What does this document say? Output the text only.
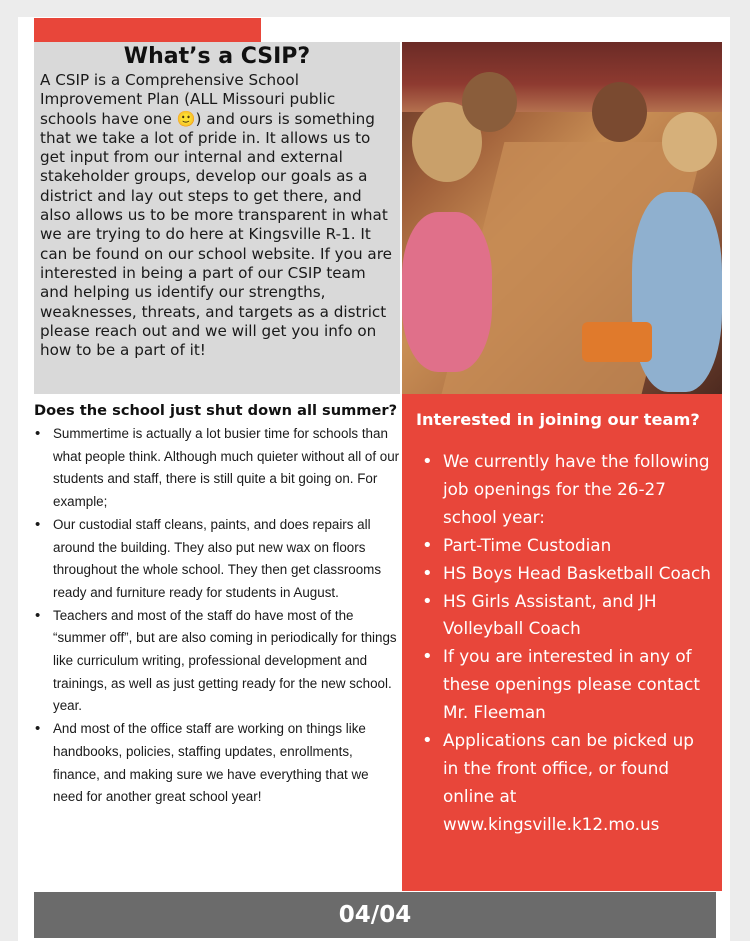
What’s a CSIP?

A CSIP is a Comprehensive School Improvement Plan (ALL Missouri public schools have one 🙂) and ours is something that we take a lot of pride in. It allows us to get input from our internal and external stakeholder groups, develop our goals as a district and lay out steps to get there, and also allows us to be more transparent in what we are trying to do here at Kingsville R-1. It can be found on our school website. If you are interested in being a part of our CSIP team and helping us identify our strengths, weaknesses, threats, and targets as a district please reach out and we will get you info on how to be a part of it!

Does the school just shut down all summer?
• Summertime is actually a lot busier time for schools than what people think. Although much quieter without all of our students and staff, there is still quite a bit going on. For example;
• Our custodial staff cleans, paints, and does repairs all around the building. They also put new wax on floors throughout the whole school. They then get classrooms ready and furniture ready for students in August.
• Teachers and most of the staff do have most of the “summer off”, but are also coming in periodically for things like curriculum writing, professional development and trainings, as well as just getting ready for the new school. year.
• And most of the office staff are working on things like handbooks, policies, staffing updates, enrollments, finance, and making sure we have everything that we need for another great school year!
Interested in joining our team?
• We currently have the following job openings for the 26-27 school year:
• Part-Time Custodian
• HS Boys Head Basketball Coach
• HS Girls Assistant, and JH Volleyball Coach
• If you are interested in any of these openings please contact Mr. Fleeman
• Applications can be picked up in the front office, or found online at www.kingsville.k12.mo.us
04/04
